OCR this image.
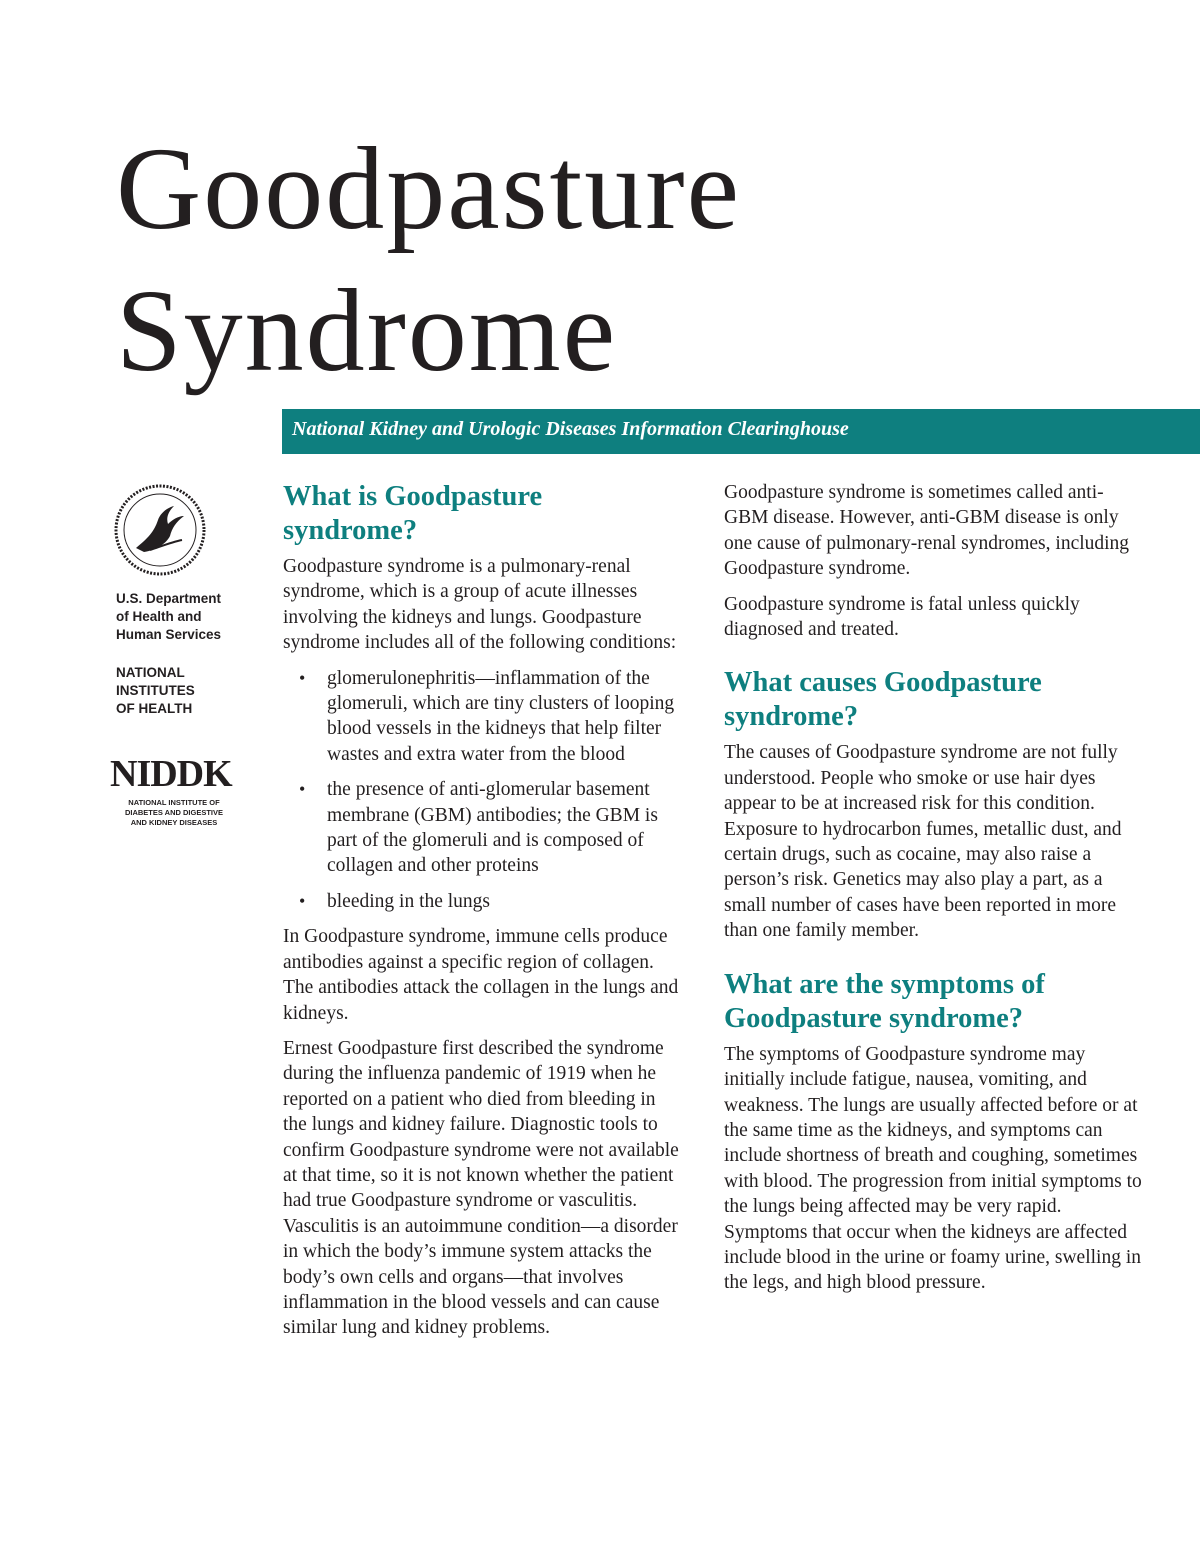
Goodpasture
Syndrome
National Kidney and Urologic Diseases Information Clearinghouse
U.S. Department
of Health and
Human Services
NATIONAL
INSTITUTES
OF HEALTH
NIDDK
NATIONAL INSTITUTE OF
DIABETES AND DIGESTIVE
AND KIDNEY DISEASES
What is Goodpasture syndrome?

Goodpasture syndrome is a pulmonary-renal syndrome, which is a group of acute illnesses involving the kidneys and lungs. Goodpasture syndrome includes all of the following conditions:

• glomerulonephritis—inflammation of the glomeruli, which are tiny clusters of looping blood vessels in the kidneys that help filter wastes and extra water from the blood
• the presence of anti-glomerular basement membrane (GBM) antibodies; the GBM is part of the glomeruli and is composed of collagen and other proteins
• bleeding in the lungs

In Goodpasture syndrome, immune cells produce antibodies against a specific region of collagen. The antibodies attack the collagen in the lungs and kidneys.

Ernest Goodpasture first described the syndrome during the influenza pandemic of 1919 when he reported on a patient who died from bleeding in the lungs and kidney failure. Diagnostic tools to confirm Goodpasture syndrome were not available at that time, so it is not known whether the patient had true Goodpasture syndrome or vasculitis. Vasculitis is an autoimmune condition—a disorder in which the body’s immune system attacks the body’s own cells and organs—that involves inflammation in the blood vessels and can cause similar lung and kidney problems.

Goodpasture syndrome is sometimes called anti-GBM disease. However, anti-GBM disease is only one cause of pulmonary-renal syndromes, including Goodpasture syndrome.

Goodpasture syndrome is fatal unless quickly diagnosed and treated.

What causes Goodpasture syndrome?

The causes of Goodpasture syndrome are not fully understood. People who smoke or use hair dyes appear to be at increased risk for this condition. Exposure to hydrocarbon fumes, metallic dust, and certain drugs, such as cocaine, may also raise a person’s risk. Genetics may also play a part, as a small number of cases have been reported in more than one family member.

What are the symptoms of Goodpasture syndrome?

The symptoms of Goodpasture syndrome may initially include fatigue, nausea, vomiting, and weakness. The lungs are usually affected before or at the same time as the kidneys, and symptoms can include shortness of breath and coughing, sometimes with blood. The progression from initial symptoms to the lungs being affected may be very rapid. Symptoms that occur when the kidneys are affected include blood in the urine or foamy urine, swelling in the legs, and high blood pressure.
